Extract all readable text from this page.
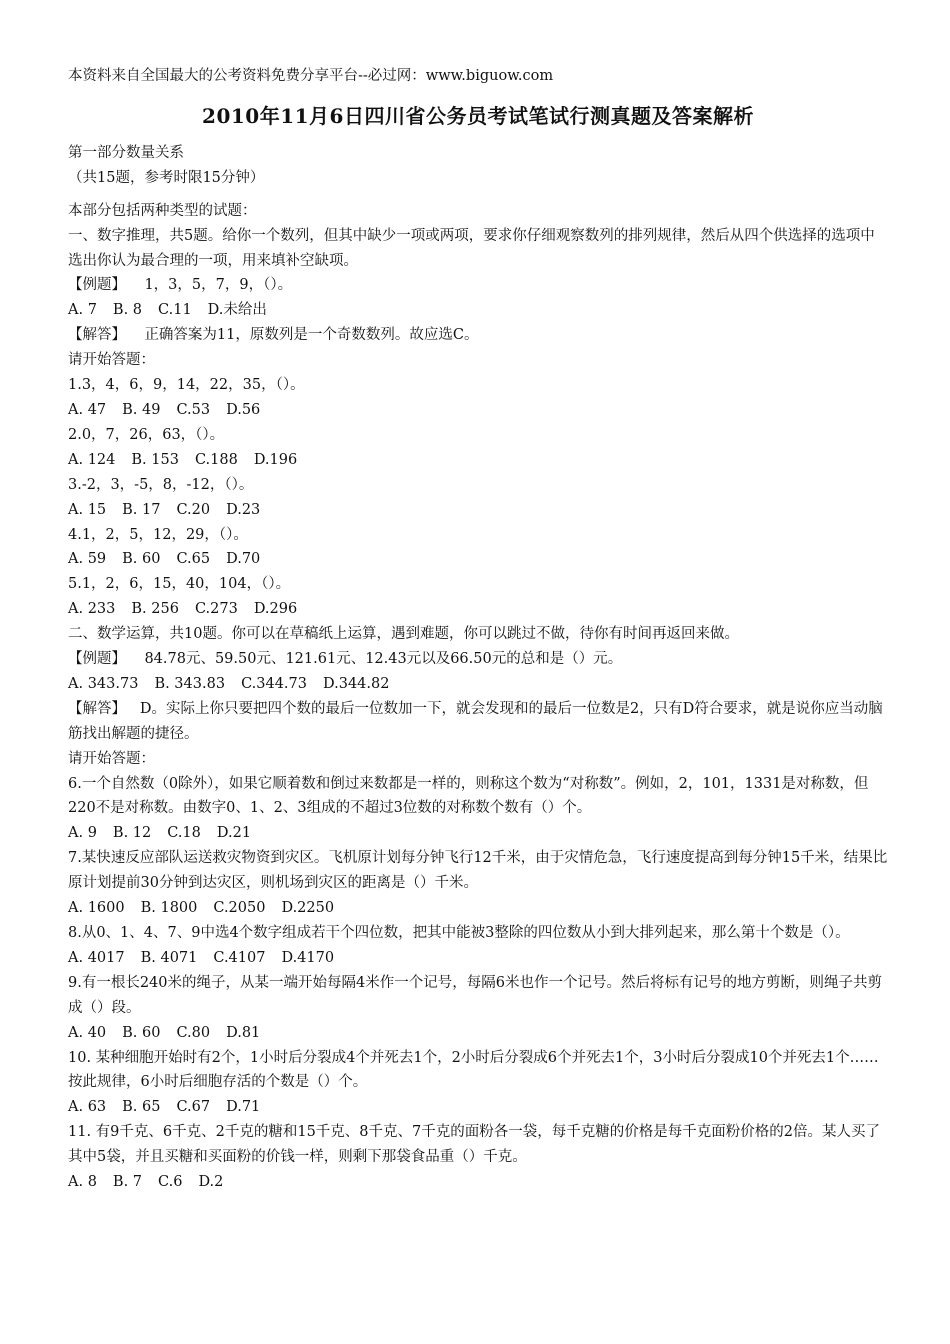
本资料来自全国最大的公考资料免费分享平台--必过网：www.biguow.com

2010年11月6日四川省公务员考试笔试行测真题及答案解析

第一部分数量关系

（共15题，参考时限15分钟）

本部分包括两种类型的试题：

一、数字推理，共5题。给你一个数列，但其中缺少一项或两项，要求你仔细观察数列的排列规律，然后从四个供选择的选项中选出你认为最合理的一项，用来填补空缺项。

【例题】 1，3，5，7，9，（）。

A. 7 B. 8 C.11 D.未给出

【解答】 正确答案为11，原数列是一个奇数数列。故应选C。

请开始答题：

1.3，4，6，9，14，22，35，（）。

A. 47 B. 49 C.53 D.56

2.0，7，26，63，（）。

A. 124 B. 153 C.188 D.196

3.-2，3，-5，8，-12，（）。

A. 15 B. 17 C.20 D.23

4.1，2，5，12，29，（）。

A. 59 B. 60 C.65 D.70

5.1，2，6，15，40，104，（）。

A. 233 B. 256 C.273 D.296

二、数学运算，共10题。你可以在草稿纸上运算，遇到难题，你可以跳过不做，待你有时间再返回来做。

【例题】 84.78元、59.50元、121.61元、12.43元以及66.50元的总和是（）元。

A. 343.73 B. 343.83 C.344.73 D.344.82

【解答】 D。实际上你只要把四个数的最后一位数加一下，就会发现和的最后一位数是2，只有D符合要求，就是说你应当动脑筋找出解题的捷径。

请开始答题：

6.一个自然数（0除外），如果它顺着数和倒过来数都是一样的，则称这个数为“对称数”。例如，2，101，1331是对称数，但220不是对称数。由数字0、1、2、3组成的不超过3位数的对称数个数有（）个。

A. 9 B. 12 C.18 D.21

7.某快速反应部队运送救灾物资到灾区。飞机原计划每分钟飞行12千米，由于灾情危急，飞行速度提高到每分钟15千米，结果比原计划提前30分钟到达灾区，则机场到灾区的距离是（）千米。

A. 1600 B. 1800 C.2050 D.2250

8.从0、1、4、7、9中选4个数字组成若干个四位数，把其中能被3整除的四位数从小到大排列起来，那么第十个数是（）。

A. 4017 B. 4071 C.4107 D.4170

9.有一根长240米的绳子，从某一端开始每隔4米作一个记号，每隔6米也作一个记号。然后将标有记号的地方剪断，则绳子共剪成（）段。

A. 40 B. 60 C.80 D.81

10. 某种细胞开始时有2个，1小时后分裂成4个并死去1个，2小时后分裂成6个并死去1个，3小时后分裂成10个并死去1个……按此规律，6小时后细胞存活的个数是（）个。

A. 63 B. 65 C.67 D.71

11. 有9千克、6千克、2千克的糖和15千克、8千克、7千克的面粉各一袋，每千克糖的价格是每千克面粉价格的2倍。某人买了其中5袋，并且买糖和买面粉的价钱一样，则剩下那袋食品重（）千克。

A. 8 B. 7 C.6 D.2
